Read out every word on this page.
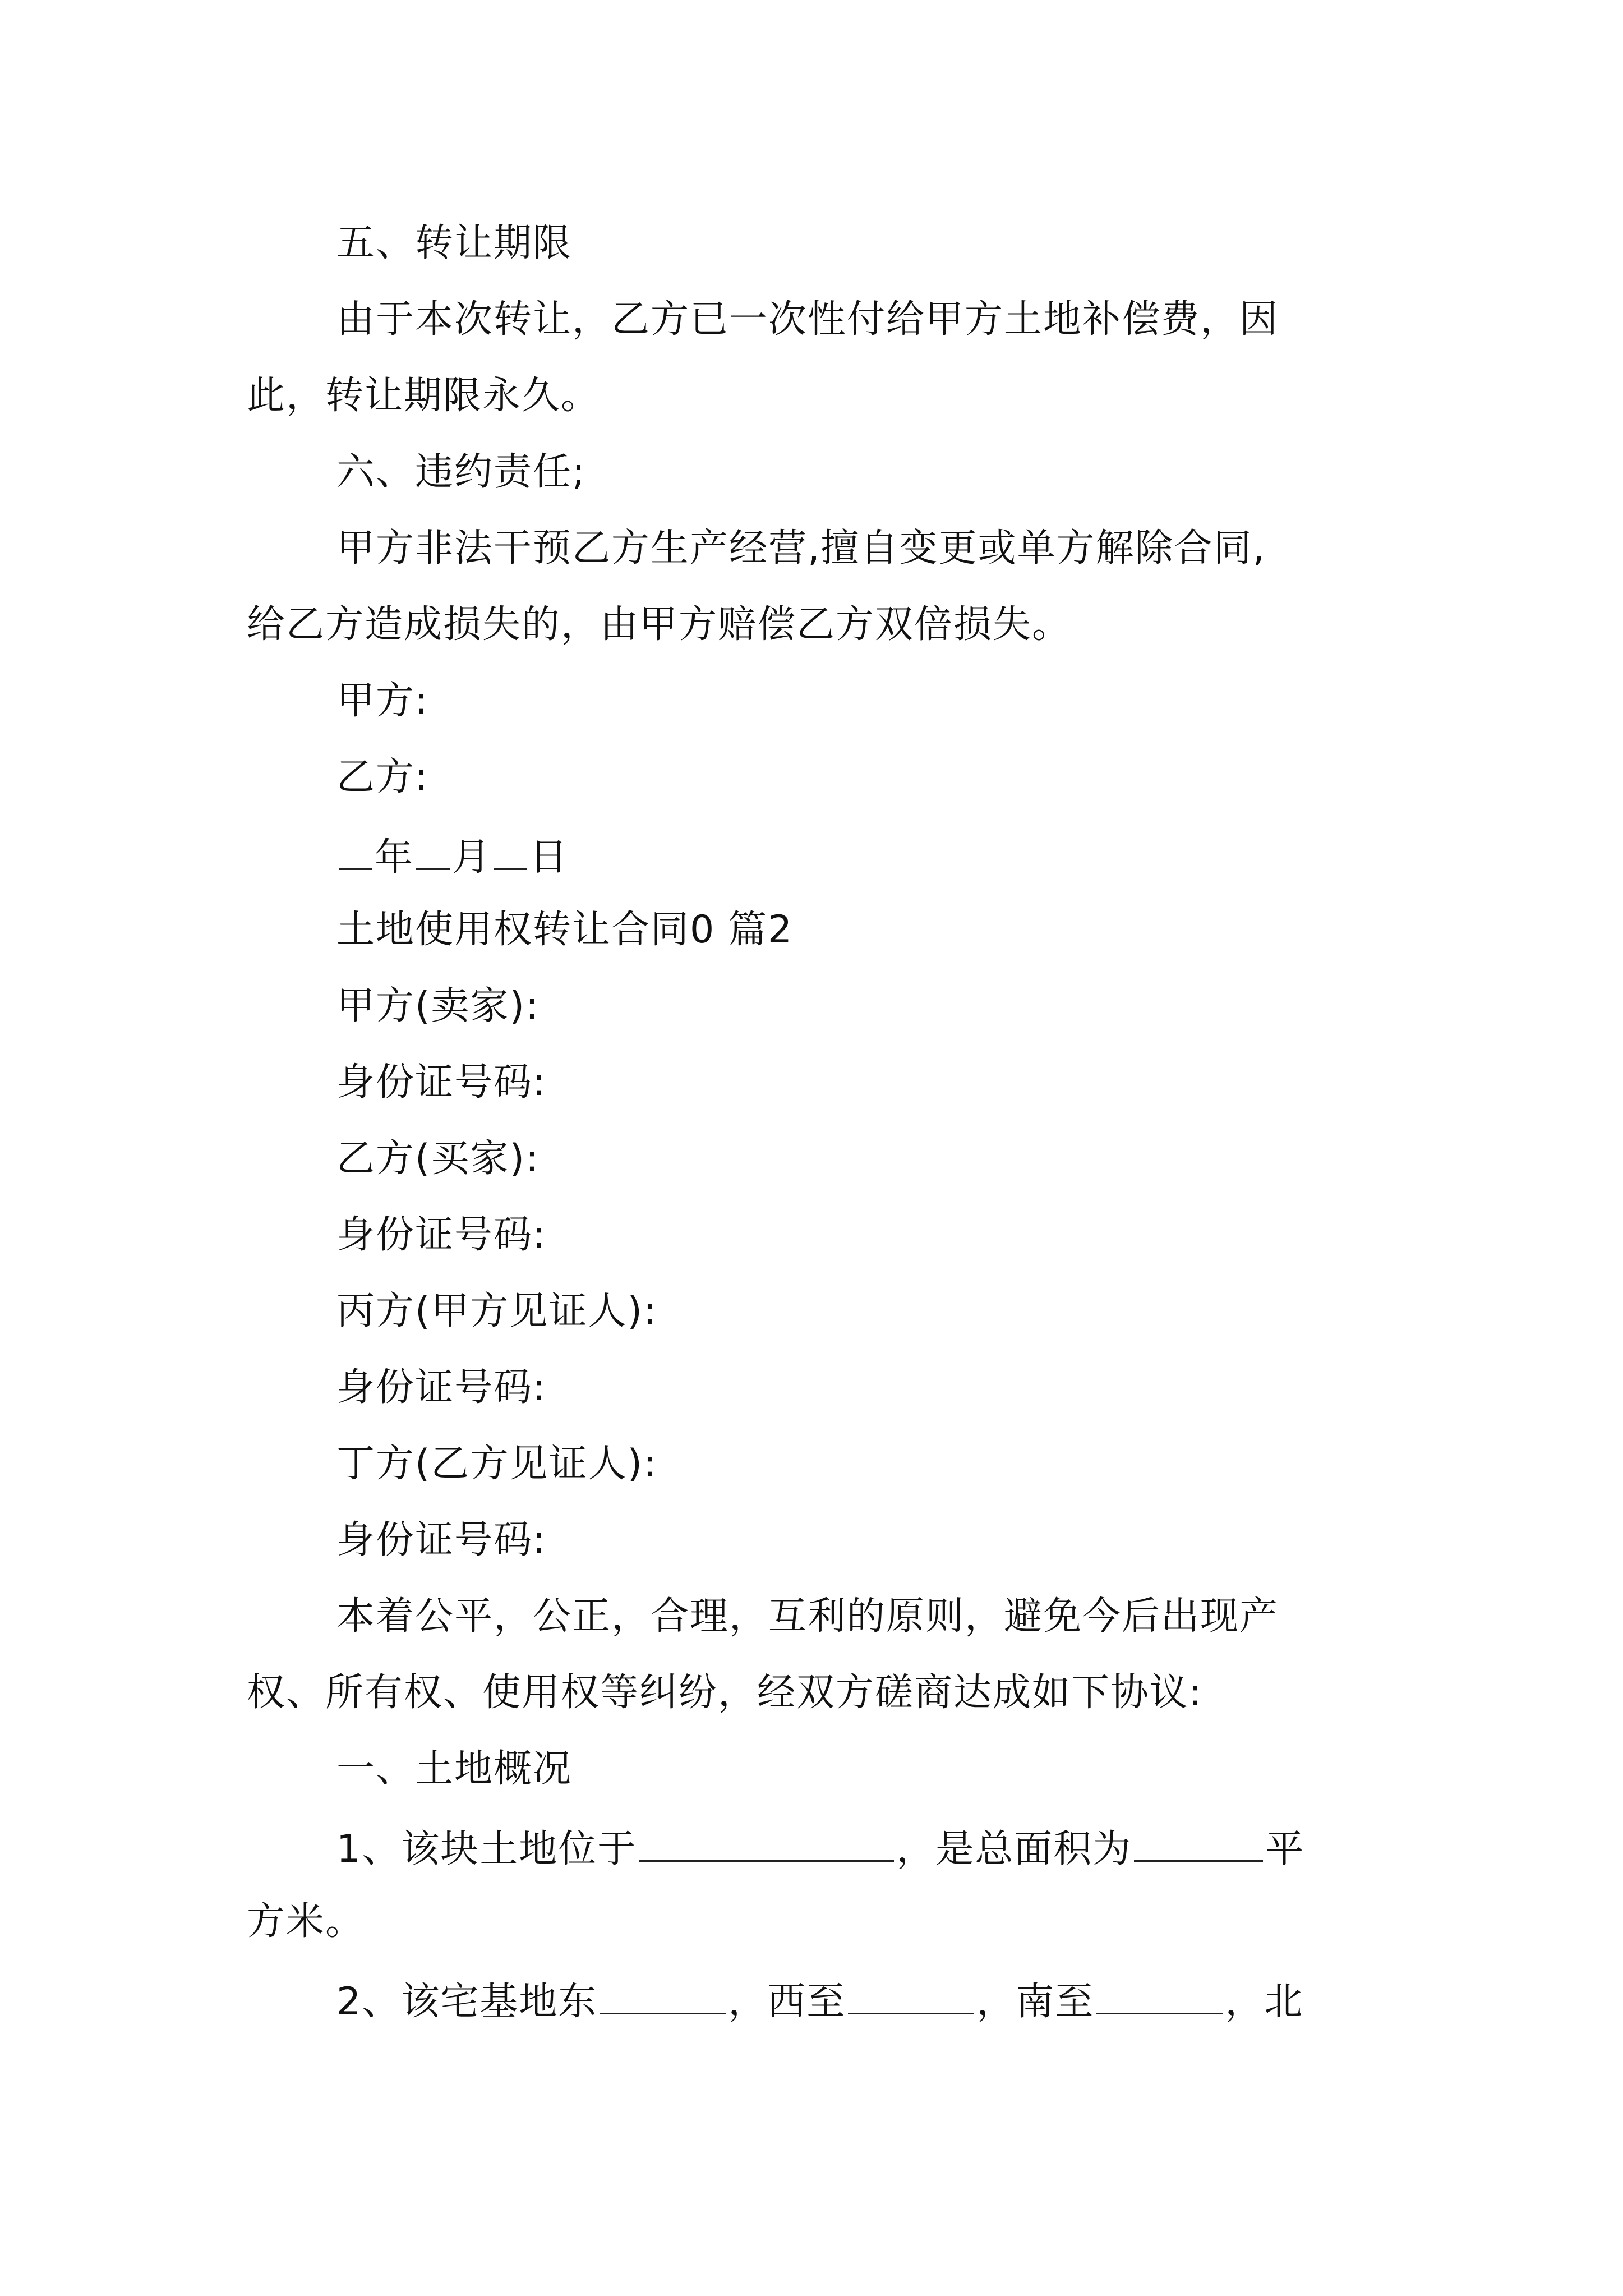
五、转让期限
由于本次转让，乙方已一次性付给甲方土地补偿费，因
此，转让期限永久。
六、违约责任;
甲方非法干预乙方生产经营,擅自变更或单方解除合同,
给乙方造成损失的，由甲方赔偿乙方双倍损失。
甲方:
乙方:
年 月 日
土地使用权转让合同0 篇2
甲方(卖家):
身份证号码:
乙方(买家):
身份证号码:
丙方(甲方见证人):
身份证号码:
丁方(乙方见证人):
身份证号码:
本着公平，公正，合理，互利的原则，避免今后出现产
权、所有权、使用权等纠纷，经双方磋商达成如下协议:
一、土地概况
1、该块土地位于	，是总面积为	平
方米。
2、该宅基地东	，西至	，南至	，北
